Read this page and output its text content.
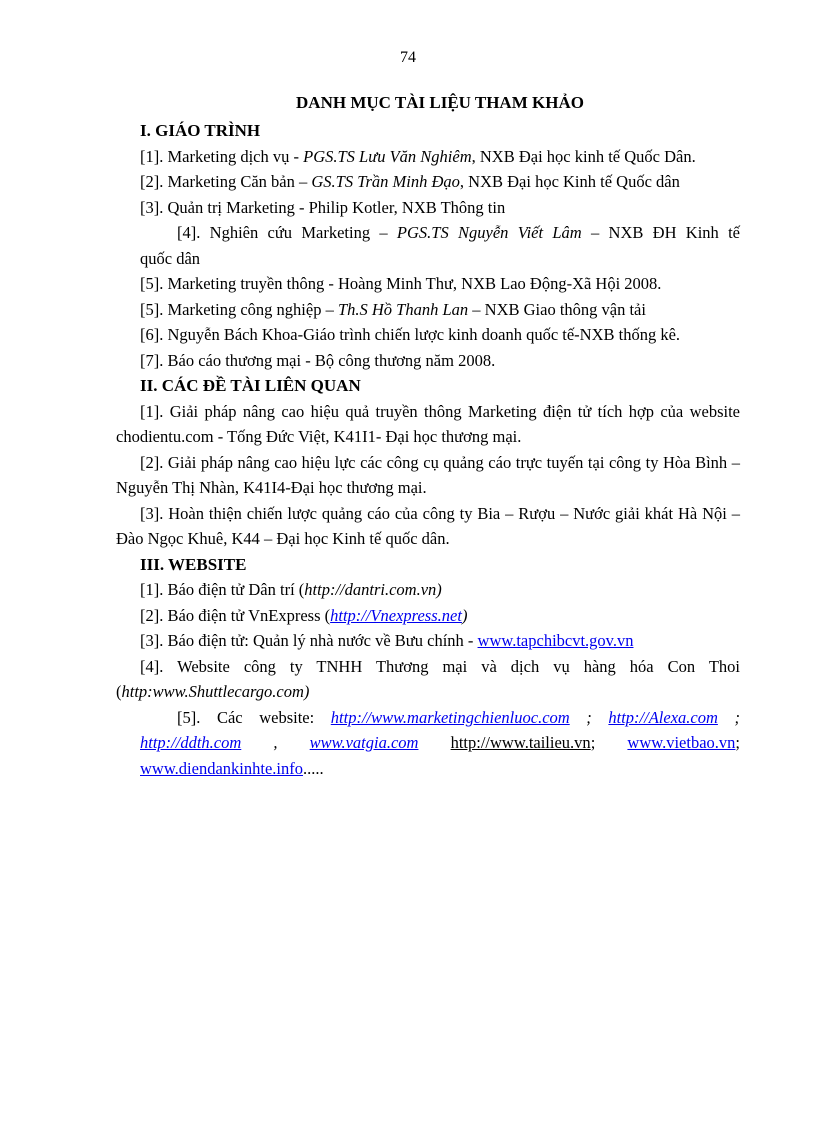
74
DANH MỤC TÀI LIỆU THAM KHẢO
I. GIÁO TRÌNH
[1]. Marketing dịch vụ - PGS.TS Lưu Văn Nghiêm, NXB Đại học kinh tế Quốc Dân.
[2]. Marketing Căn bản – GS.TS Trần Minh Đạo, NXB Đại học Kinh tế Quốc dân
[3]. Quản trị Marketing - Philip Kotler, NXB Thông tin
[4]. Nghiên cứu Marketing – PGS.TS Nguyễn Viết Lâm – NXB ĐH Kinh tế
quốc dân
[5]. Marketing truyền thông - Hoàng Minh Thư, NXB Lao Động-Xã Hội 2008.
[5]. Marketing công nghiệp – Th.S Hồ Thanh Lan – NXB Giao thông vận tải
[6]. Nguyễn Bách Khoa-Giáo trình chiến lược kinh doanh quốc tế-NXB thống kê.
[7]. Báo cáo thương mại - Bộ công thương năm 2008.
II. CÁC ĐỀ TÀI LIÊN QUAN
[1]. Giải pháp nâng cao hiệu quả truyền thông Marketing điện tử tích hợp của website chodientu.com - Tống Đức Việt, K41I1- Đại học thương mại.
[2]. Giải pháp nâng cao hiệu lực các công cụ quảng cáo trực tuyến tại công ty Hòa Bình – Nguyễn Thị Nhàn, K41I4-Đại học thương mại.
[3]. Hoàn thiện chiến lược quảng cáo của công ty Bia – Rượu – Nước giải khát Hà Nội – Đào Ngọc Khuê, K44 – Đại học Kinh tế quốc dân.
III. WEBSITE
[1]. Báo điện tử Dân trí (http://dantri.com.vn)
[2]. Báo điện tử VnExpress (http://Vnexpress.net)
[3]. Báo điện tử: Quản lý nhà nước về Bưu chính - www.tapchibcvt.gov.vn
[4]. Website công ty TNHH Thương mại và dịch vụ hàng hóa Con Thoi (http:www.Shuttlecargo.com)
[5]. Các website: http://www.marketingchienluoc.com ; http://Alexa.com ;
http://ddth.com , www.vatgia.com http://www.tailieu.vn; www.vietbao.vn;
www.diendankinhte.info.....
